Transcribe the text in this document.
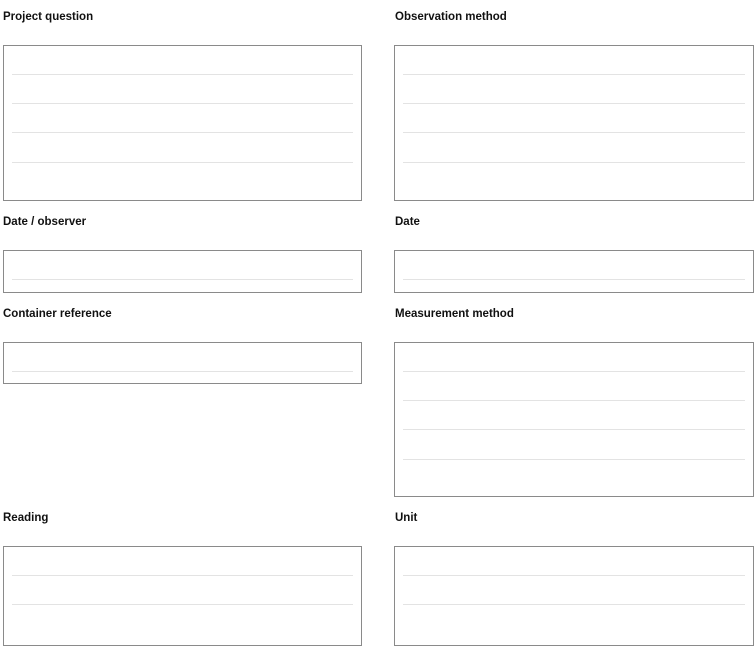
Project question	Observation method
Date / observer	Date
Container reference	Measurement method
Reading	Unit
